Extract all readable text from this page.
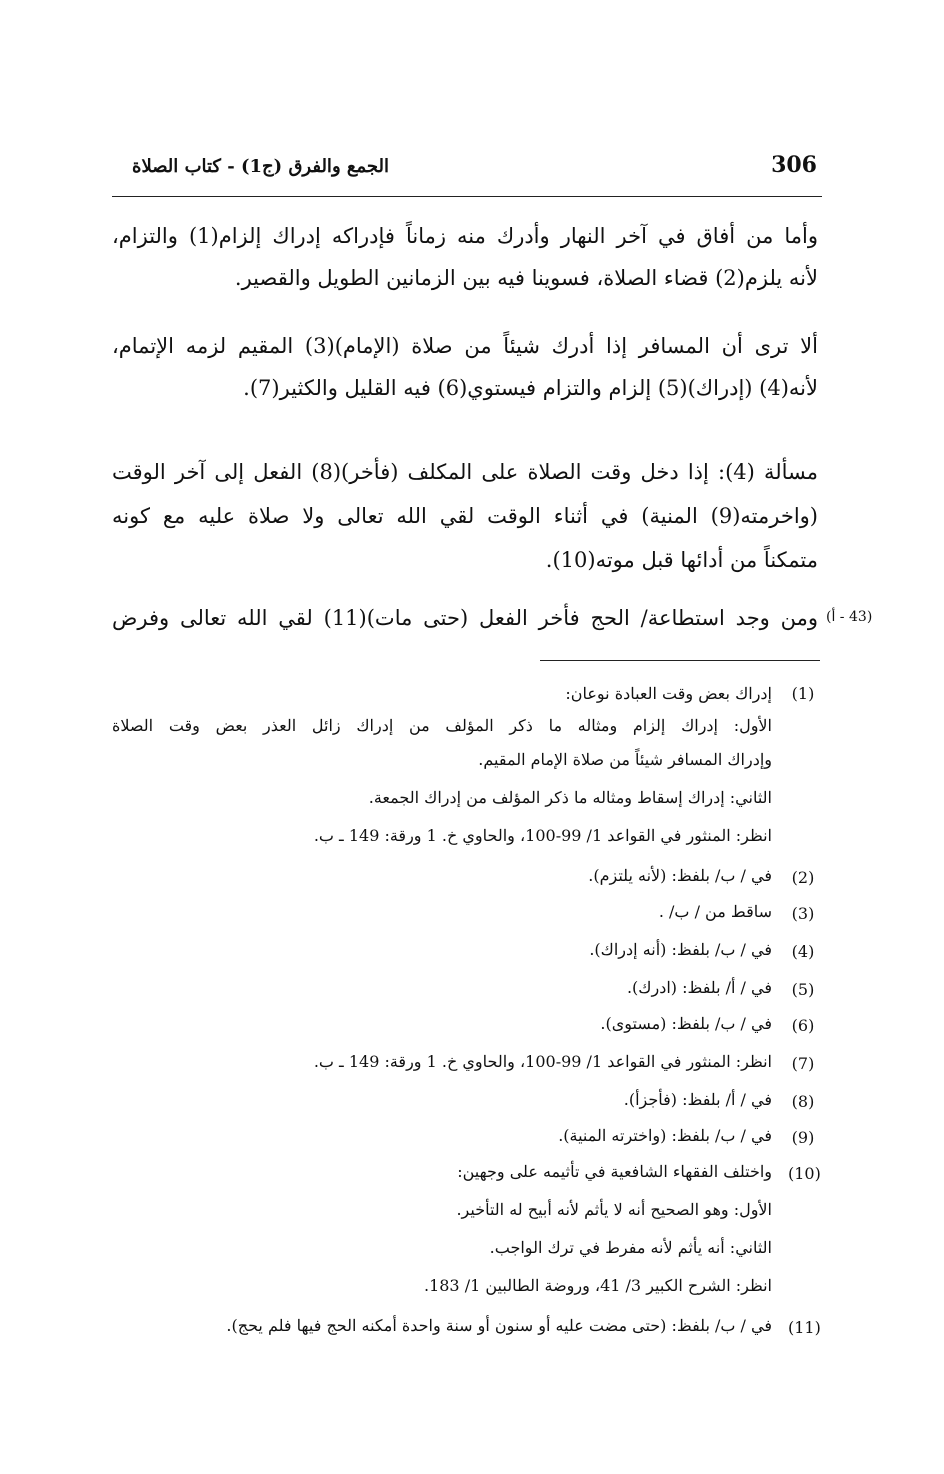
الجمع والفرق (ج1) - كتاب الصلاة	306
وأما من أفاق في آخر النهار وأدرك منه زماناً فإدراكه إدراك إلزام(1) والتزام،
لأنه يلزم(2) قضاء الصلاة، فسوينا فيه بين الزمانين الطويل والقصير.
ألا ترى أن المسافر إذا أدرك شيئاً من صلاة (الإمام)(3) المقيم لزمه الإتمام،
لأنه(4) (إدراك)(5) إلزام والتزام فيستوي(6) فيه القليل والكثير(7).
مسألة (4): إذا دخل وقت الصلاة على المكلف (فأخر)(8) الفعل إلى آخر الوقت
(واخرمته(9) المنية) في أثناء الوقت لقي الله تعالى ولا صلاة عليه مع كونه
متمكناً من أدائها قبل موته(10).
ومن وجد استطاعة/ الحج فأخر الفعل (حتى مات)(11) لقي الله تعالى وفرض (43 - أ)
(1)
إدراك بعض وقت العبادة نوعان:
الأول: إدراك إلزام ومثاله ما ذكر المؤلف من إدراك زائل العذر بعض وقت الصلاة
وإدراك المسافر شيئاً من صلاة الإمام المقيم.
الثاني: إدراك إسقاط ومثاله ما ذكر المؤلف من إدراك الجمعة.
انظر: المنثور في القواعد 1/ 99-100، والحاوي خ. 1 ورقة: 149 ـ ب.
(2)
في / ب/ بلفظ: (لأنه يلتزم).
(3)
ساقط من / ب/ .
(4)
في / ب/ بلفظ: (أنه إدراك).
(5)
في / أ/ بلفظ: (ادرك).
(6)
في / ب/ بلفظ: (مستوى).
(7)
انظر: المنثور في القواعد 1/ 99-100، والحاوي خ. 1 ورقة: 149 ـ ب.
(8)
في / أ/ بلفظ: (فأجزأ).
(9)
في / ب/ بلفظ: (واخترته المنية).
(10)
واختلف الفقهاء الشافعية في تأثيمه على وجهين:
الأول: وهو الصحيح أنه لا يأثم لأنه أبيح له التأخير.
الثاني: أنه يأثم لأنه مفرط في ترك الواجب.
انظر: الشرح الكبير 3/ 41، وروضة الطالبين 1/ 183.
(11)
في / ب/ بلفظ: (حتى مضت عليه أو سنون أو سنة واحدة أمكنه الحج فيها فلم يحج).
